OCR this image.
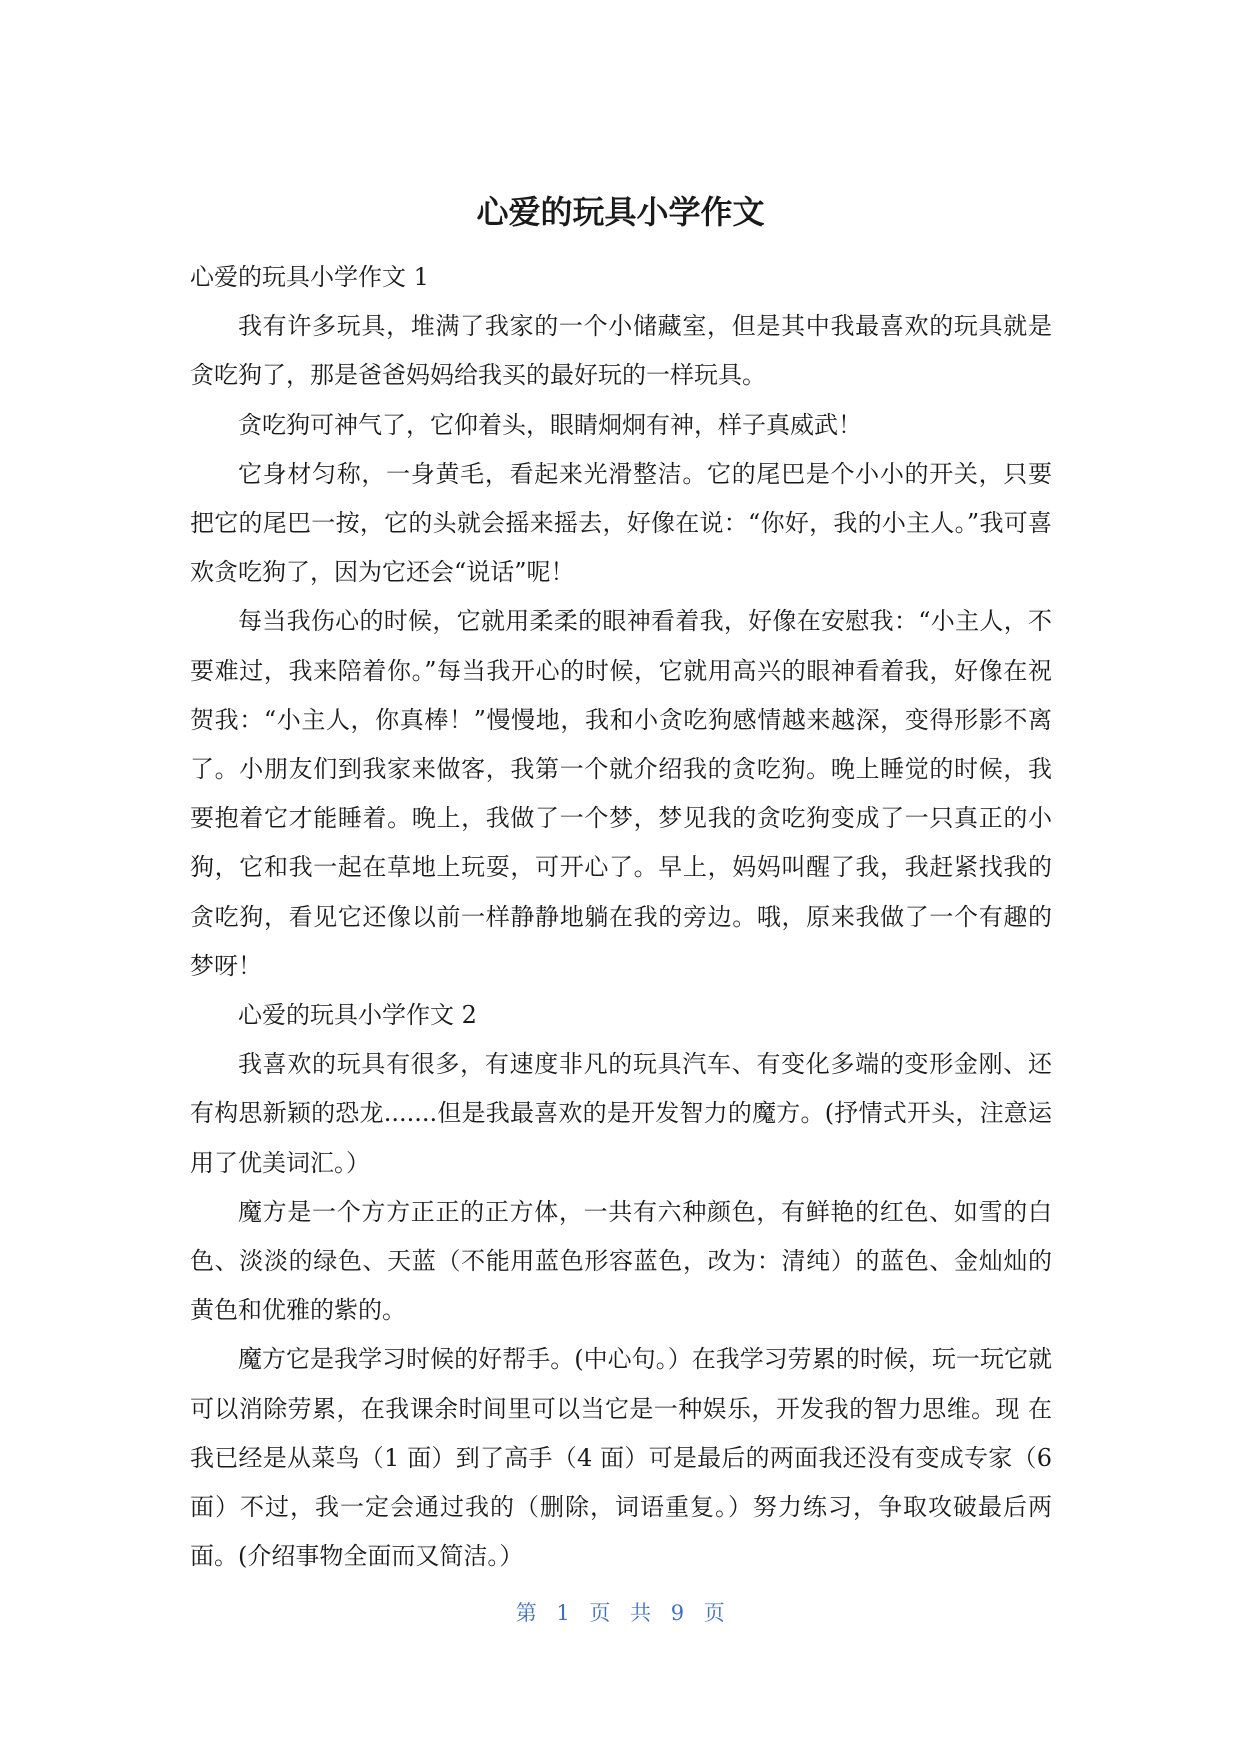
心爱的玩具小学作文

心爱的玩具小学作文 1

我有许多玩具，堆满了我家的一个小储藏室，但是其中我最喜欢的玩具就是贪吃狗了，那是爸爸妈妈给我买的最好玩的一样玩具。

贪吃狗可神气了，它仰着头，眼睛炯炯有神，样子真威武！

它身材匀称，一身黄毛，看起来光滑整洁。它的尾巴是个小小的开关，只要把它的尾巴一按，它的头就会摇来摇去，好像在说：“你好，我的小主人。”我可喜欢贪吃狗了，因为它还会“说话”呢！

每当我伤心的时候，它就用柔柔的眼神看着我，好像在安慰我：“小主人，不要难过，我来陪着你。”每当我开心的时候，它就用高兴的眼神看着我，好像在祝贺我：“小主人，你真棒！”慢慢地，我和小贪吃狗感情越来越深，变得形影不离了。小朋友们到我家来做客，我第一个就介绍我的贪吃狗。晚上睡觉的时候，我要抱着它才能睡着。晚上，我做了一个梦，梦见我的贪吃狗变成了一只真正的小狗，它和我一起在草地上玩耍，可开心了。早上，妈妈叫醒了我，我赶紧找我的贪吃狗，看见它还像以前一样静静地躺在我的旁边。哦，原来我做了一个有趣的梦呀！

心爱的玩具小学作文 2

我喜欢的玩具有很多，有速度非凡的玩具汽车、有变化多端的变形金刚、还有构思新颖的恐龙.......但是我最喜欢的是开发智力的魔方。(抒情式开头，注意运用了优美词汇。）

魔方是一个方方正正的正方体，一共有六种颜色，有鲜艳的红色、如雪的白色、淡淡的绿色、天蓝（不能用蓝色形容蓝色，改为：清纯）的蓝色、金灿灿的黄色和优雅的紫的。

魔方它是我学习时候的好帮手。(中心句。）在我学习劳累的时候，玩一玩它就可以消除劳累，在我课余时间里可以当它是一种娱乐，开发我的智力思维。现 在我已经是从菜鸟（1 面）到了高手（4 面）可是最后的两面我还没有变成专家（6 面）不过，我一定会通过我的（删除，词语重复。）努力练习，争取攻破最后两 面。(介绍事物全面而又简洁。）

第 1 页 共 9 页
